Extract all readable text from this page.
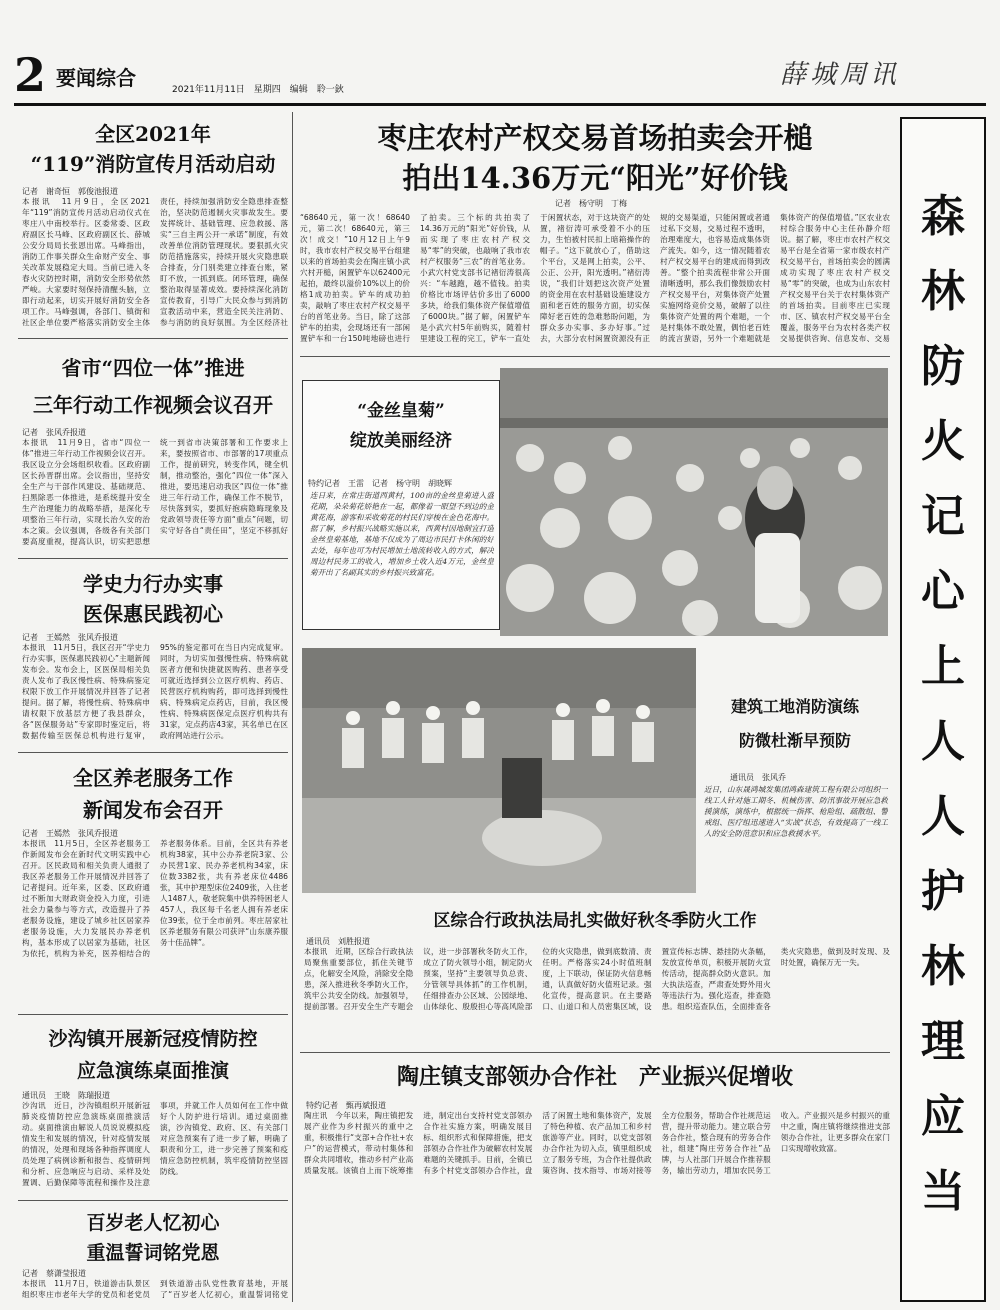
2 要闻综合	2021年11月11日　星期四　编辑　聆一鈥	薛城周讯
全区2021年
“119”消防宣传月活动启动
记者　谢奇恒　郭俊池报道
本报讯　11月9日，全区2021年“119”消防宣传月活动启动仪式在枣庄八中南校举行。区委常委、区政府副区长马峰、区政府副区长、薛城公安分局局长张恩出席。马峰指出，消防工作事关群众生命财产安全、事关改革发展稳定大局。当前已进入冬春火灾防控时期，消防安全形势依然严峻。大家要时刻保持清醒头脑，立即行动起来，切实开展好消防安全各项工作。马峰强调，各部门、镇街和社区企单位要严格落实消防安全主体责任，持续加强消防安全隐患排查整治，坚决防范遏制火灾事故发生。要发挥统计、基础管理、应急救援、落实“三自主两公开一承诺”制度，有效改善单位消防管理现状。要狠抓火灾防范措施落实，持续开展火灾隐患联合排查，分门别类建立排查台账，紧盯不放，一抓到底。闭环管理，确保整治取得显著成效。要持续深化消防宣传教育，引导广大民众参与到消防宣教活动中来，营造全民关注消防、参与消防的良好氛围。为全区经济社
省市“四位一体”推进
三年行动工作视频会议召开
记者　张风乔报道
本报讯　11月9日，省市“四位一体”推进三年行动工作视频会议召开。我区设立分会场组织收看。区政府副区长孙晋群出席。会议指出，坚持安全生产与干部作风建设、基础规范、扫黑除恶一体推进，是系统提升安全生产治理能力的战略举措，是深化专项整治三年行动，实现长治久安的治本之策。会议强调，各级各有关部门要高度重视，提高认识，切实把思想统一到省市决策部署和工作要求上来，要按照省市、市部署的17项重点工作，提前研究，转变作风，键全机制，推动整治，强化“四位一体”深入推进，要迅速启动我区“四位一体”推进三年行动工作，确保工作不脱节，尽快落到实，要抓好抱病隐晦现象及党政领导责任等方面“重点”问题，切实守好各自“责任田”，坚定不移抓好
学史力行办实事
医保惠民践初心
记者　王嫣然　张风乔报道
本报讯　11月5日，我区召开“学史力行办实事，医保惠民践初心”主题新闻发布会。发布会上，区医保局相关负责人发布了我区慢性病、特殊病鉴定权限下放工作开展情况并回答了记者提问。据了解，将慢性病、特殊病申请权限下放基层方便了我县群众，各“医保服务站”专家即时鉴定后，将数据传输至医保总机构进行复审，95%的鉴定都可在当日内完成复审。同时，为切实加强慢性病、特殊病就医者方便和快捷就医购药、患者享受可就近选择到公立医疗机构、药店、民营医疗机构购药，即可选择到慢性病、特殊病定点药店，目前，我区慢性病、特殊病医保定点医疗机构共有31家，定点药店43家，其名单已在区政府网站进行公示。
全区养老服务工作
新闻发布会召开
记者　王嫣然　张风乔报道
本报讯　11月5日，全区养老服务工作新闻发布会在新时代文明实践中心召开。区民政局和相关负责人通报了我区养老服务工作开展情况并回答了记者提问。近年来，区委、区政府通过不断加大财政资金投入力度，引进社会力量参与等方式，改造提升了养老服务设施，建设了城乡社区居家养老服务设施，大力发展民办养老机构，基本形成了以居家为基础，社区为依托，机构为补充，医养相结合的养老服务体系。目前，全区共有养老机构38家，其中公办养老院3家、公办民营1家、民办养老机构34家，床位数3382张，共有养老床位4486张，其中护理型床位2409张，入住老人1487人，敬老院集中供养特困老人457人，我区每千名老人拥有养老床位39张，位于全市前列。枣庄居家社区养老服务有限公司获评“山东康养服务十佳品牌”。
沙沟镇开展新冠疫情防控
应急演练桌面推演
通讯员　王晓　陈瑞报道
沙沟讯　近日，沙沟镇组织开展新冠肺炎疫情防控应急演练桌面推演活动。桌面推演由解说人员说说模拟疫情发生和发展的情况，针对疫情发展的情况，处理和现场各种指挥调度人员处理了病例诊断和报告、疫情研判和分析、应急响应与启动、采样及处置调、后勤保障等流程和操作及注意事项，并就工作人员如何在工作中做好个人防护进行培训。通过桌面推演，沙沟镇党、政府、区、有关部门对应急预案有了进一步了解，明确了职责和分工，进一步完善了预案和疫情应急防控机制，筑牢疫情防控坚固防线。
百岁老人忆初心
重温誓词铭党恩
记者　蔡潇莹报道
本报讯　11月7日，铁道游击队景区组织枣庄市老年大学的党员和老党员到铁道游击队党性教育基地，开展了“百岁老人忆初心，重温誓词铭党
枣庄农村产权交易首场拍卖会开槌
拍出14.36万元“阳光”好价钱
记者　杨守明　丁梅
“68640元，第一次！68640元，第二次！68640元，第三次！成交！”10月12日上午9时，我市农村产权交易平台组建以来的首场拍卖会在陶庄镇小武穴村开槌，闲置铲车以62400元起拍，最终以溢价10%以上的价格1成功拍卖。铲车的成功拍卖，敲响了枣庄农村产权交易平台的首笔业务。当日，除了这部铲车的拍卖，会现场还有一部闲置铲车和一台150吨地磅也进行了拍卖。三个标的共拍卖了14.36万元的“阳光”好价钱，从而实现了枣庄农村产权交易“零”的突破，也敲响了我市农村产权服务“三农”的首笔业务。小武穴村党支部书记褚衍涛很高兴：“车越跑，越不值钱。拍卖价格比市场评估价多出了6000多块，给我们集体资产保值增值了6000块。”据了解，闲置铲车是小武穴村5年前购买，随着村里建设工程的完工，铲车一直处于闲置状态，对于这块资产的处置，褚衍涛可承受着不小的压力，生怕被村民扣上暗箱操作的帽子。“这下就放心了，借助这个平台，又是网上拍卖，公平、公正、公开，阳光透明。”褚衍涛说，“我们计划把这次资产处置的资金用在农村基础设施建设方面和老百姓的服务方面，切实保障好老百姓的急难愁盼问题，为群众多办实事、多办好事。”过去，大部分农村闲置资源没有正规的交易渠道，只能闲置或者通过私下交易，交易过程不透明，治理难度大，也容易造成集体资产流失。如今，这一情况随着农村产权交易平台的建成而得到改善。“整个拍卖流程非常公开面清晰透明，那么我们像鼓励农村产权交易平台，对集体资产处置实施网络竞价交易，破解了以往集体资产处置的两个难题，一个是村集体不敢处置，偶怕老百姓的流言蜚语，另外一个难题就是集体资产的保值增值。”区农业农村综合服务中心主任孙静介绍说。据了解，枣庄市农村产权交易平台是全省第一家市级农村产权交易平台，首场拍卖会的圆满成功实现了枣庄农村产权交易“零”的突破，也成为山东农村产权交易平台关于农村集体资产的首场拍卖。目前枣庄已实现市、区、镇农村产权交易平台全覆盖，服务平台为农村各类产权交易提供咨询、信息发布、交易
“金丝皇菊”
绽放美丽经济
特约记者　王雷　记者　杨守明　胡晓辉
连日来，在常庄街道西黄村，100亩的金丝皇菊进入盛花期，朵朵菊花娇艳在一起，都像着一眼望不到边的金黄花海，游客和采收菊花的村民们穿梭在金色花海中。据了解，乡村振兴战略实施以来，西黄村因地制宜打造金丝皇菊基地，基地不仅成为了周边市民打卡休闲的好去处，每年也可为村民增加土地流转收入的方式，解决周边村民务工的收入，增加乡土收入近4万元，金丝皇菊开出了名副其实的乡村振兴致富花。
建筑工地消防演练
防微杜渐早预防
通讯员　张风乔
近日，山东晟鸿城发集团鸿森建筑工程有限公司组织一线工人针对施工期冬、机械伤害、防汛事故开展应急救援演练，演练中，根据统一指挥、枪险组、疏散组、警戒组、医疗组迅速进入“实战”状态，有效提高了一线工人的安全防范意识和应急救援水平。
区综合行政执法局扎实做好秋冬季防火工作
通讯员　刘胜报道
本报讯　近期，区综合行政执法局聚焦重要部位，抓住关键节点，化解安全风险，消除安全隐患，深入推进秋冬季防火工作，筑牢公共安全防线。加强领导，提前部署。召开安全生产专题会议，进一步部署秋冬防火工作，成立了防火领导小组，制定防火预案，坚持“主要领导负总责、分管领导具体抓”的工作机制，任细排查办公区域、公园绿地、山体绿化、殷殷担心等高风险部位的火灾隐患，做到底数清、责任明。严格落实24小时值班制度，上下联动，保证防火信息畅通，认真做好防火值班记录。强化宣传，提高意识。在主要路口、山道口和人员密集区域，设置宣传标志牌、悬挂防火条幅，发放宣传单页，积极开展防火宣传活动，提高群众防火意识。加大执法巡查，严肃查处野外用火等违法行为。强化巡查，排查隐患。组织巡查队伍，全面排查各类火灾隐患，做到及时发现、及时处置，确保万无一失。
陶庄镇支部领办合作社　产业振兴促增收
特约记者　甄再斌报道
陶庄讯　今年以来，陶庄镇把发展产业作为乡村振兴的重中之重，积极推行“支部+合作社+农户”的运营模式，带动村集体和群众共同增收，推动乡村产业高质量发展。该镇自上而下统筹推进，制定出台支持村党支部领办合作社实施方案，明确发展目标、组织形式和保障措施，把支部领办合作社作为破解农村发展难题的关键抓手。目前，全镇已有多个村党支部领办合作社，盘活了闲置土地和集体资产，发展了特色种植、农产品加工和乡村旅游等产业。同时，以党支部领办合作社为切入点，镇里组织成立了服务专班，为合作社提供政策咨询、技术指导、市场对接等全方位服务，帮助合作社规范运营，提升带动能力。建立联合劳务合作社，整合现有的劳务合作社，组建“陶庄劳务合作社”品牌，与人社部门开展合作推荐服务，输出劳动力，增加农民务工收入。产业振兴是乡村振兴的重中之重，陶庄镇将继续推进支部领办合作社，让更多群众在家门口实现增收致富。
森林防火记心上人人护林理应当
